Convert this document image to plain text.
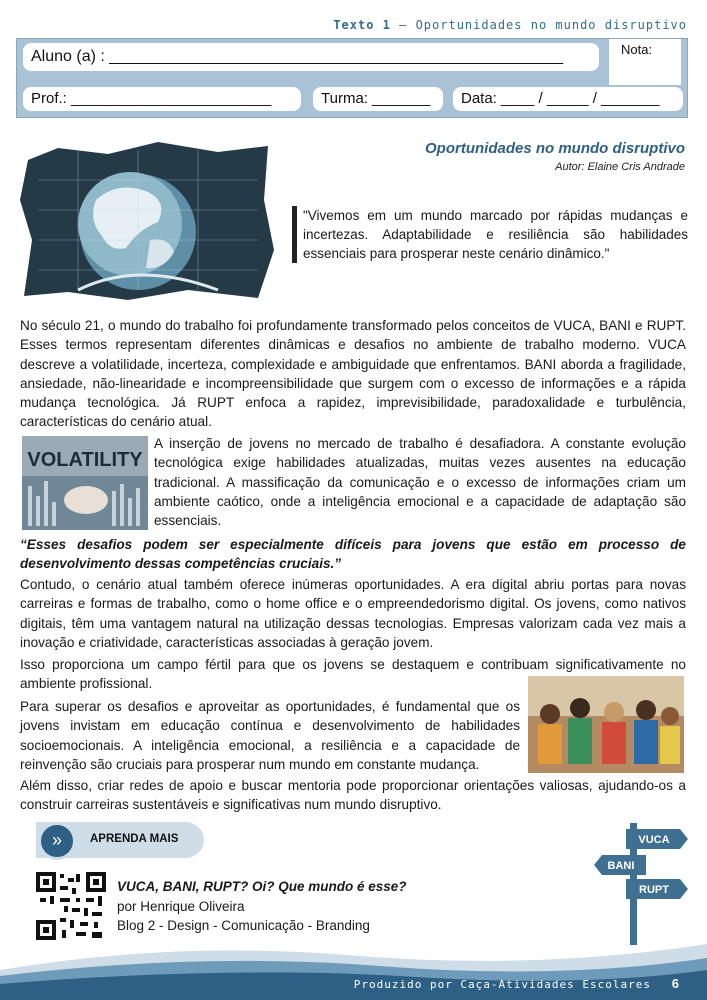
Texto 1 – Oportunidades no mundo disruptivo
Aluno (a) : ___________________________________________________	Nota:
Prof.: ________________________	Turma: _______	Data: ____ / _____ / _______
Oportunidades no mundo disruptivo
Autor: Elaine Cris Andrade
"Vivemos em um mundo marcado por rápidas mudanças e incertezas. Adaptabilidade e resiliência são habilidades essenciais para prosperar neste cenário dinâmico."
No século 21, o mundo do trabalho foi profundamente transformado pelos conceitos de VUCA, BANI e RUPT. Esses termos representam diferentes dinâmicas e desafios no ambiente de trabalho moderno. VUCA descreve a volatilidade, incerteza, complexidade e ambiguidade que enfrentamos. BANI aborda a fragilidade, ansiedade, não-linearidade e incompreensibilidade que surgem com o excesso de informações e a rápida mudança tecnológica. Já RUPT enfoca a rapidez, imprevisibilidade, paradoxalidade e turbulência, características do cenário atual.
VOLATILITY
A inserção de jovens no mercado de trabalho é desafiadora. A constante evolução tecnológica exige habilidades atualizadas, muitas vezes ausentes na educação tradicional. A massificação da comunicação e o excesso de informações criam um ambiente caótico, onde a inteligência emocional e a capacidade de adaptação são essenciais.
“Esses desafios podem ser especialmente difíceis para jovens que estão em processo de desenvolvimento dessas competências cruciais.”
Contudo, o cenário atual também oferece inúmeras oportunidades. A era digital abriu portas para novas carreiras e formas de trabalho, como o home office e o empreendedorismo digital. Os jovens, como nativos digitais, têm uma vantagem natural na utilização dessas tecnologias. Empresas valorizam cada vez mais a inovação e criatividade, características associadas à geração jovem.
Isso proporciona um campo fértil para que os jovens se destaquem e contribuam significativamente no ambiente profissional.
Para superar os desafios e aproveitar as oportunidades, é fundamental que os jovens invistam em educação contínua e desenvolvimento de habilidades socioemocionais. A inteligência emocional, a resiliência e a capacidade de reinvenção são cruciais para prosperar num mundo em constante mudança.
Além disso, criar redes de apoio e buscar mentoria pode proporcionar orientações valiosas, ajudando-os a construir carreiras sustentáveis e significativas num mundo disruptivo.
»	APRENDA MAIS
VUCA, BANI, RUPT? Oi? Que mundo é esse?
por Henrique Oliveira
Blog 2 - Design - Comunicação - Branding
VUCA
BANI
RUPT
Produzido por Caça-Atividades Escolares 6
